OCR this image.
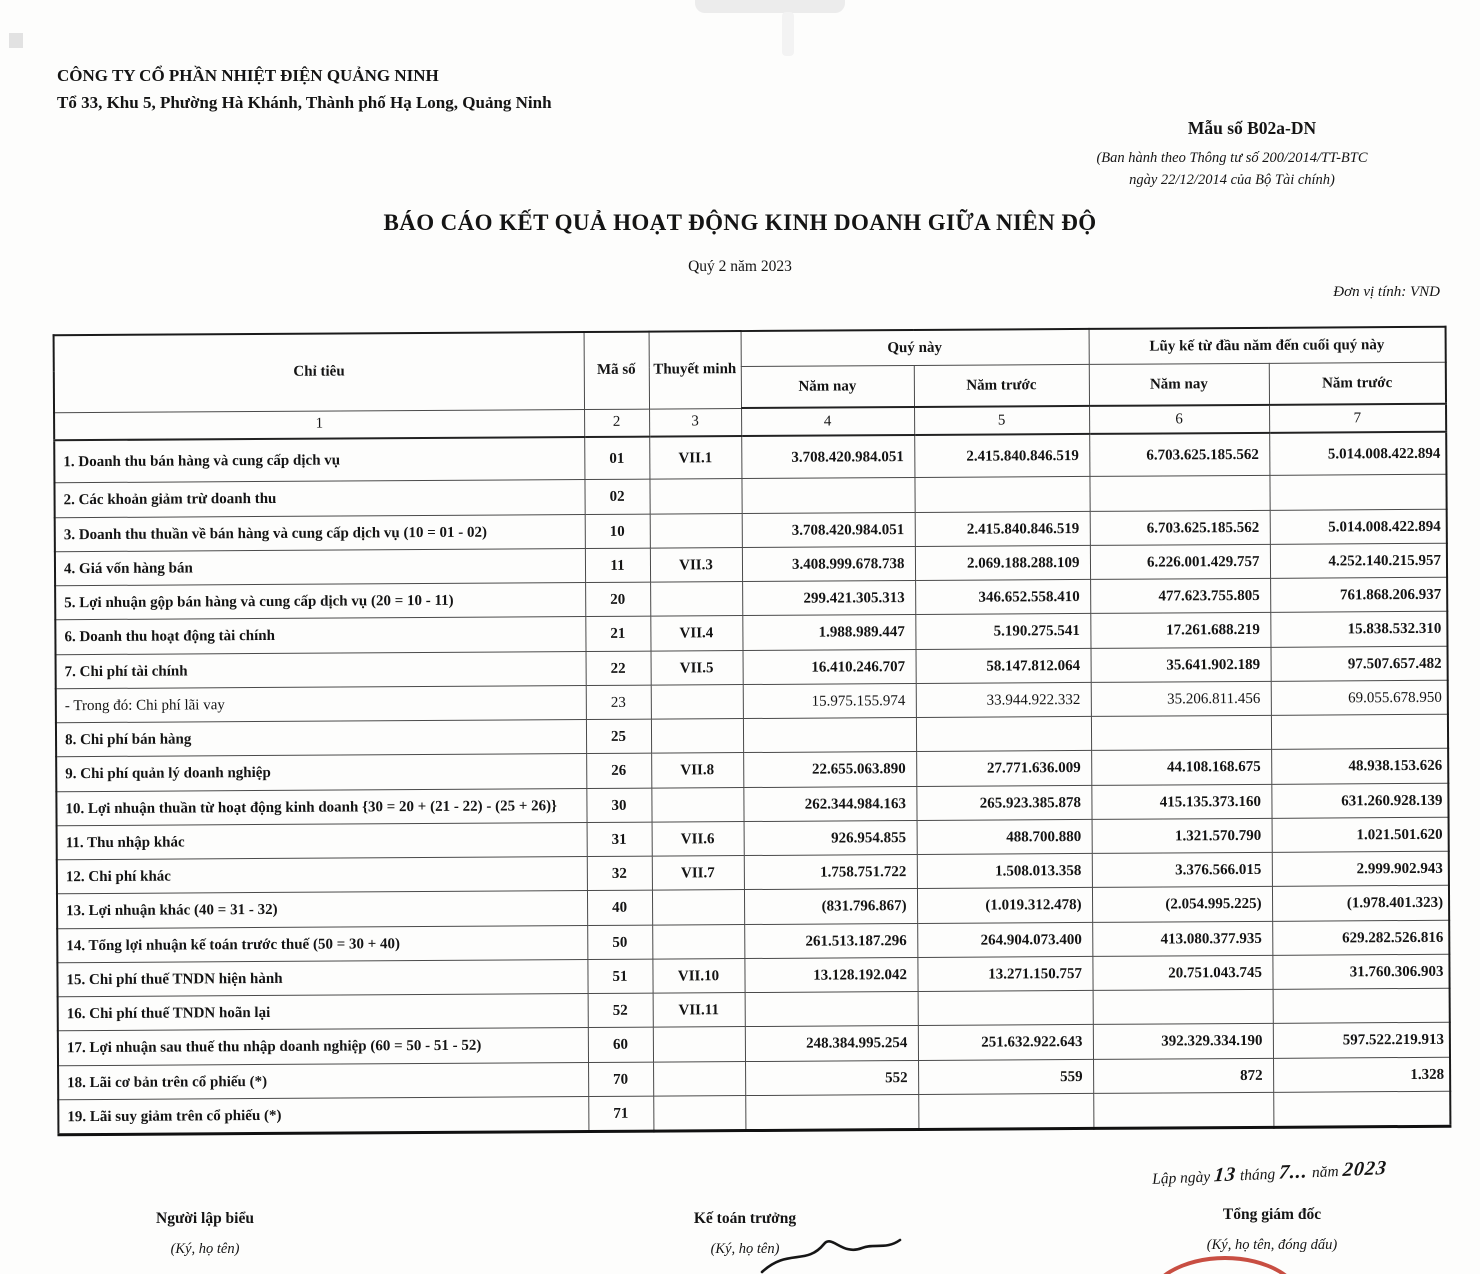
CÔNG TY CỔ PHẦN NHIỆT ĐIỆN QUẢNG NINH
Tổ 33, Khu 5, Phường Hà Khánh, Thành phố Hạ Long, Quảng Ninh
Mẫu số B02a-DN
(Ban hành theo Thông tư số 200/2014/TT-BTC
ngày 22/12/2014 của Bộ Tài chính)
BÁO CÁO KẾT QUẢ HOẠT ĐỘNG KINH DOANH GIỮA NIÊN ĐỘ
Quý 2 năm 2023
Đơn vị tính: VND
Chỉ tiêu	Mã số	Thuyết minh	Quý này		Lũy kế từ đầu năm đến cuối quý này	
			Năm nay	Năm trước	Năm nay	Năm trước
1	2	3	4	5	6	7
1. Doanh thu bán hàng và cung cấp dịch vụ	01	VII.1	3.708.420.984.051	2.415.840.846.519	6.703.625.185.562	5.014.008.422.894
2. Các khoản giảm trừ doanh thu	02					
3. Doanh thu thuần về bán hàng và cung cấp dịch vụ (10 = 01 - 02)	10		3.708.420.984.051	2.415.840.846.519	6.703.625.185.562	5.014.008.422.894
4. Giá vốn hàng bán	11	VII.3	3.408.999.678.738	2.069.188.288.109	6.226.001.429.757	4.252.140.215.957
5. Lợi nhuận gộp bán hàng và cung cấp dịch vụ (20 = 10 - 11)	20		299.421.305.313	346.652.558.410	477.623.755.805	761.868.206.937
6. Doanh thu hoạt động tài chính	21	VII.4	1.988.989.447	5.190.275.541	17.261.688.219	15.838.532.310
7. Chi phí tài chính	22	VII.5	16.410.246.707	58.147.812.064	35.641.902.189	97.507.657.482
- Trong đó: Chi phí lãi vay	23		15.975.155.974	33.944.922.332	35.206.811.456	69.055.678.950
8. Chi phí bán hàng	25					
9. Chi phí quản lý doanh nghiệp	26	VII.8	22.655.063.890	27.771.636.009	44.108.168.675	48.938.153.626
10. Lợi nhuận thuần từ hoạt động kinh doanh {30 = 20 + (21 - 22) - (25 + 26)}	30		262.344.984.163	265.923.385.878	415.135.373.160	631.260.928.139
11. Thu nhập khác	31	VII.6	926.954.855	488.700.880	1.321.570.790	1.021.501.620
12. Chi phí khác	32	VII.7	1.758.751.722	1.508.013.358	3.376.566.015	2.999.902.943
13. Lợi nhuận khác (40 = 31 - 32)	40		(831.796.867)	(1.019.312.478)	(2.054.995.225)	(1.978.401.323)
14. Tổng lợi nhuận kế toán trước thuế (50 = 30 + 40)	50		261.513.187.296	264.904.073.400	413.080.377.935	629.282.526.816
15. Chi phí thuế TNDN hiện hành	51	VII.10	13.128.192.042	13.271.150.757	20.751.043.745	31.760.306.903
16. Chi phí thuế TNDN hoãn lại	52	VII.11				
17. Lợi nhuận sau thuế thu nhập doanh nghiệp (60 = 50 - 51 - 52)	60		248.384.995.254	251.632.922.643	392.329.334.190	597.522.219.913
18. Lãi cơ bản trên cổ phiếu (*)	70		552	559	872	1.328
19. Lãi suy giảm trên cổ phiếu (*)	71					
Lập ngày 13 tháng 7... năm 2023
Người lập biểu
(Ký, họ tên)
Kế toán trưởng
(Ký, họ tên)
Tổng giám đốc
(Ký, họ tên, đóng dấu)
